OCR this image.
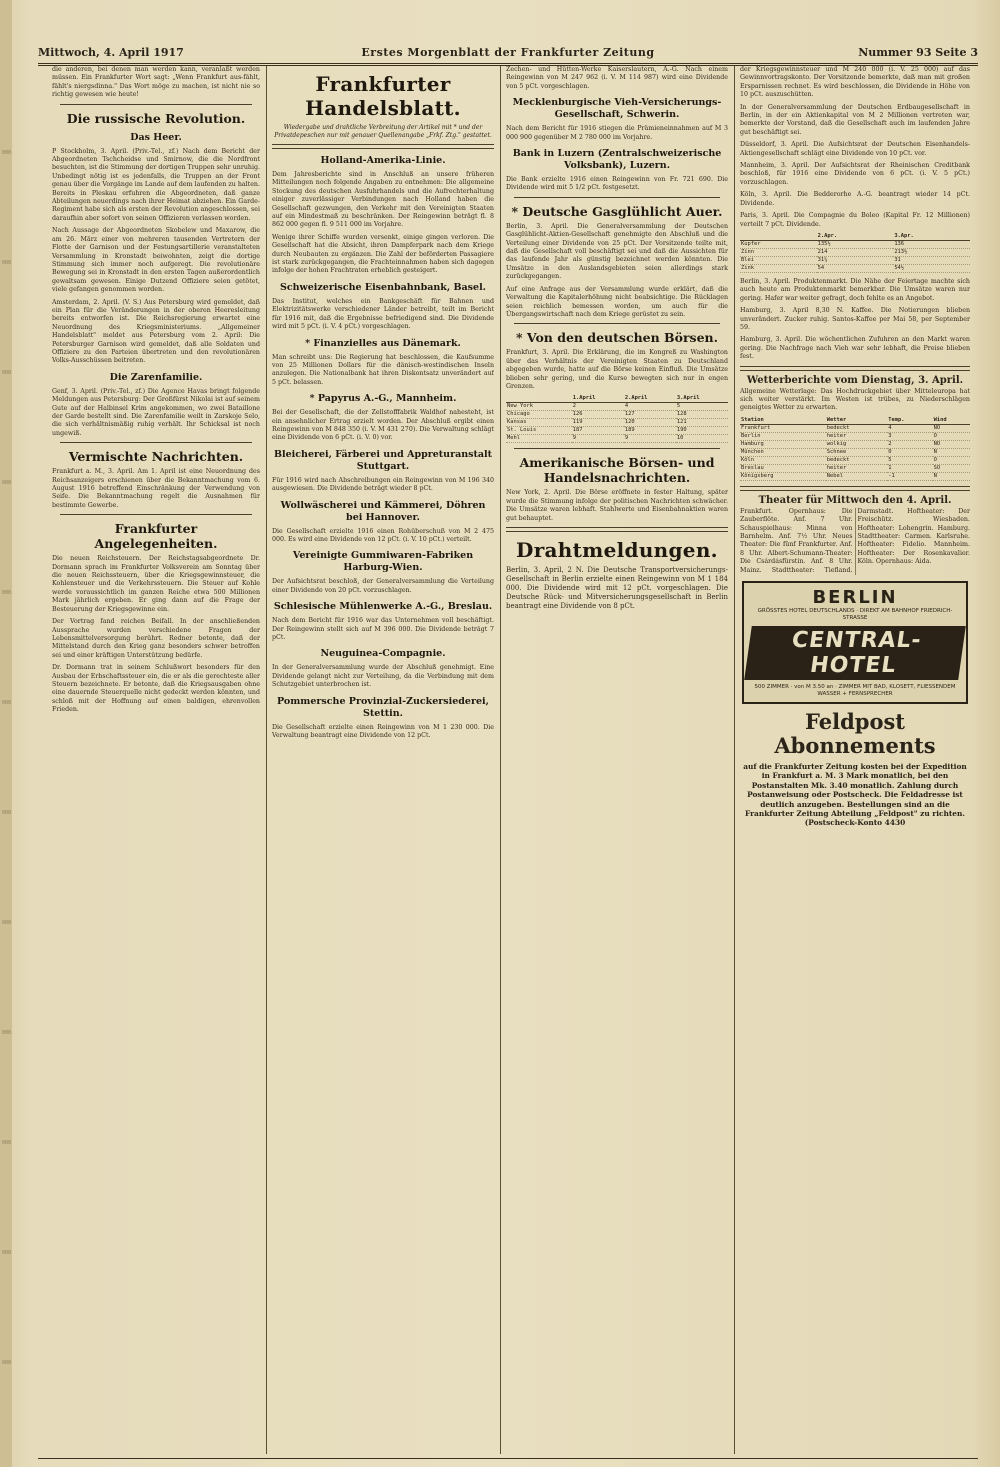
000
000
000
000
000
000
000
000
000
000
000
000
Mittwoch, 4. April 1917	Erstes Morgenblatt der Frankfurter Zeitung	Nummer 93 Seite 3

die anderen, bei denen man werden kann, veranlaßt werden müssen. Ein Frankfurter Wort sagt: „Wenn Frankfurt aus-fählt, fählt's niergsdinna." Das Wort möge zu machen, ist nicht nie so richtig gewesen wie heute!

Die russische Revolution.
Das Heer.

P Stockholm, 3. April. (Priv.-Tel., zf.) Nach dem Bericht der Abgeordneten Tschcheidse und Smirnow, die die Nordfront besuchten, ist die Stimmung der dortigen Truppen sehr unruhig. Unbedingt nötig ist es jedenfalls, die Truppen an der Front genau über die Vorgänge im Lande auf dem laufenden zu halten. Bereits in Pleskau erfuhren die Abgeordneten, daß ganze Abteilungen neuerdings nach ihrer Heimat abziehen. Ein Garde-Regiment habe sich als ersten der Revolution angeschlossen, sei daraufhin aber sofort von seinen Offizieren verlassen worden.

Nach Aussage der Abgeordneten Skobelew und Maxarow, die am 26. März einer von mehreren tausenden Vertretern der Flotte der Garnison und der Festungsartillerie veranstalteten Versammlung in Kronstadt beiwohnten, zeigt die dortige Stimmung sich immer noch aufgeregt. Die revolutionäre Bewegung sei in Kronstadt in den ersten Tagen außerordentlich gewaltsam gewesen. Einige Dutzend Offiziere seien getötet, viele gefangen genommen worden.

Amsterdam, 2. April. (V. S.) Aus Petersburg wird gemeldet, daß ein Plan für die Veränderungen in der oberen Heeresleitung bereits entworfen ist. Die Reichsregierung erwartet eine Neuordnung des Kriegsministeriums. „Allgemeiner Handelsblatt" meldet aus Petersburg vom 2. April: Die Petersburger Garnison wird gemeldet, daß alle Soldaten und Offiziere zu den Parteien übertreten und den revolutionären Volks-Ausschüssen beitreten.

Die Zarenfamilie.

Genf, 3. April. (Priv.-Tel., zf.) Die Agence Havas bringt folgende Meldungen aus Petersburg: Der Großfürst Nikolai ist auf seinem Gute auf der Halbinsel Krim angekommen, wo zwei Bataillone der Garde bestellt sind. Die Zarenfamilie weilt in Zarskoje Selo, die sich verhältnismäßig ruhig verhält. Ihr Schicksal ist noch ungewiß.

Vermischte Nachrichten.

Frankfurt a. M., 3. April. Am 1. April ist eine Neuordnung des Reichsanzeigers erschienen über die Bekanntmachung vom 6. August 1916 betreffend Einschränkung der Verwendung von Seife. Die Bekanntmachung regelt die Ausnahmen für bestimmte Gewerbe.

Frankfurter Angelegenheiten.

Die neuen Reichsteuern. Der Reichstagsabgeordnete Dr. Dormann sprach im Frankfurter Volksverein am Sonntag über die neuen Reichssteuern, über die Kriegsgewinnsteuer, die Kohlensteuer und die Verkehrssteuern. Die Steuer auf Kohle werde voraussichtlich im ganzen Reiche etwa 500 Millionen Mark jährlich ergeben. Er ging dann auf die Frage der Besteuerung der Kriegsgewinne ein.

Der Vortrag fand reichen Beifall. In der anschließenden Aussprache wurden verschiedene Fragen der Lebensmittelversorgung berührt. Redner betonte, daß der Mittelstand durch den Krieg ganz besonders schwer betroffen sei und einer kräftigen Unterstützung bedürfe.

Dr. Dormann trat in seinem Schlußwort besonders für den Ausbau der Erbschaftssteuer ein, die er als die gerechteste aller Steuern bezeichnete. Er betonte, daß die Kriegsausgaben ohne eine dauernde Steuerquelle nicht gedeckt werden könnten, und schloß mit der Hoffnung auf einen baldigen, ehrenvollen Frieden.

Frankfurter Handelsblatt.
Wiedergabe und drahtliche Verbreitung der Artikel mit * und der Privatdepeschen nur mit genauer Quellenangabe „Frkf. Ztg." gestattet.
Holland-Amerika-Linie.

Dem Jahresberichte sind in Anschluß an unsere früheren Mitteilungen noch folgende Angaben zu entnehmen: Die allgemeine Stockung des deutschen Ausfuhrhandels und die Aufrechterhaltung einiger zuverlässiger Verbindungen nach Holland haben die Gesellschaft gezwungen, den Verkehr mit den Vereinigten Staaten auf ein Mindestmaß zu beschränken. Der Reingewinn beträgt fl. 8 862 000 gegen fl. 9 511 000 im Vorjahre.

Wenige ihrer Schiffe wurden versenkt, einige gingen verloren. Die Gesellschaft hat die Absicht, ihren Dampferpark nach dem Kriege durch Neubauten zu ergänzen. Die Zahl der beförderten Passagiere ist stark zurückgegangen, die Frachteinnahmen haben sich dagegen infolge der hohen Frachtraten erheblich gesteigert.

Schweizerische Eisenbahnbank, Basel.

Das Institut, welches ein Bankgeschäft für Bahnen und Elektrizitätswerke verschiedener Länder betreibt, teilt im Bericht für 1916 mit, daß die Ergebnisse befriedigend sind. Die Dividende wird mit 5 pCt. (i. V. 4 pCt.) vorgeschlagen.

* Finanzielles aus Dänemark.

Man schreibt uns: Die Regierung hat beschlossen, die Kaufsumme von 25 Millionen Dollars für die dänisch-westindischen Inseln anzulegen. Die Nationalbank hat ihren Diskontsatz unverändert auf 5 pCt. belassen.

* Papyrus A.-G., Mannheim.

Bei der Gesellschaft, die der Zellstofffabrik Waldhof nahesteht, ist ein ansehnlicher Ertrag erzielt worden. Der Abschluß ergibt einen Reingewinn von M 848 350 (i. V. M 431 270). Die Verwaltung schlägt eine Dividende von 6 pCt. (i. V. 0) vor.

Bleicherei, Färberei und Appreturanstalt Stuttgart.

Für 1916 wird nach Abschreibungen ein Reingewinn von M 196 340 ausgewiesen. Die Dividende beträgt wieder 8 pCt.

Wollwäscherei und Kämmerei, Döhren bei Hannover.

Die Gesellschaft erzielte 1916 einen Rohüberschuß von M 2 475 000. Es wird eine Dividende von 12 pCt. (i. V. 10 pCt.) verteilt.

Vereinigte Gummiwaren-Fabriken Harburg-Wien.

Der Aufsichtsrat beschloß, der Generalversammlung die Verteilung einer Dividende von 20 pCt. vorzuschlagen.

Schlesische Mühlenwerke A.-G., Breslau.

Nach dem Bericht für 1916 war das Unternehmen voll beschäftigt. Der Reingewinn stellt sich auf M 396 000. Die Dividende beträgt 7 pCt.

Neuguinea-Compagnie.

In der Generalversammlung wurde der Abschluß genehmigt. Eine Dividende gelangt nicht zur Verteilung, da die Verbindung mit dem Schutzgebiet unterbrochen ist.

Pommersche Provinzial-Zuckersiederei, Stettin.

Die Gesellschaft erzielte einen Reingewinn von M 1 230 000. Die Verwaltung beantragt eine Dividende von 12 pCt.

Zechen- und Hütten-Werke Kaiserslautern, A.-G. Nach einem Reingewinn von M 247 962 (i. V. M 114 987) wird eine Dividende von 5 pCt. vorgeschlagen.

Mecklenburgische Vieh-Versicherungs-Gesellschaft, Schwerin.

Nach dem Bericht für 1916 stiegen die Prämieneinnahmen auf M 3 000 900 gegenüber M 2 780 000 im Vorjahre.

Bank in Luzern (Zentralschweizerische Volksbank), Luzern.

Die Bank erzielte 1916 einen Reingewinn von Fr. 721 690. Die Dividende wird mit 5 1/2 pCt. festgesetzt.

* Deutsche Gasglühlicht Auer.

Berlin, 3. April. Die Generalversammlung der Deutschen Gasglühlicht-Aktien-Gesellschaft genehmigte den Abschluß und die Verteilung einer Dividende von 25 pCt. Der Vorsitzende teilte mit, daß die Gesellschaft voll beschäftigt sei und daß die Aussichten für das laufende Jahr als günstig bezeichnet werden könnten. Die Umsätze in den Auslandsgebieten seien allerdings stark zurückgegangen.

Auf eine Anfrage aus der Versammlung wurde erklärt, daß die Verwaltung die Kapitalerhöhung nicht beabsichtige. Die Rücklagen seien reichlich bemessen worden, um auch für die Übergangswirtschaft nach dem Kriege gerüstet zu sein.

* Von den deutschen Börsen.

Frankfurt, 3. April. Die Erklärung, die im Kongreß zu Washington über das Verhältnis der Vereinigten Staaten zu Deutschland abgegeben wurde, hatte auf die Börse keinen Einfluß. Die Umsätze blieben sehr gering, und die Kurse bewegten sich nur in engen Grenzen.

	1.April	2.April	3.April
New York	2	4	5
Chicago	126	127	128
Kansas	119	120	121
St. Louis	187	189	190
Mehl	9	9	10
Amerikanische Börsen- und Handelsnachrichten.

New York, 2. April. Die Börse eröffnete in fester Haltung, später wurde die Stimmung infolge der politischen Nachrichten schwächer. Die Umsätze waren lebhaft. Stahlwerte und Eisenbahnaktien waren gut behauptet.

Drahtmeldungen.

Berlin, 3. April, 2 N. Die Deutsche Transportversicherungs-Gesellschaft in Berlin erzielte einen Reingewinn von M 1 184 000. Die Dividende wird mit 12 pCt. vorgeschlagen. Die Deutsche Rück- und Mitversicherungsgesellschaft in Berlin beantragt eine Dividende von 8 pCt.

der Kriegsgewinnsteuer und M 240 000 (i. V. 25 000) auf das Gewinnvortragskonto. Der Vorsitzende bemerkte, daß man mit großen Ersparnissen rechnet. Es wird beschlossen, die Dividende in Höhe von 10 pCt. auszuschütten.

In der Generalversammlung der Deutschen Erdbaugesellschaft in Berlin, in der ein Aktienkapital von M 2 Millionen vertreten war, bemerkte der Vorstand, daß die Gesellschaft auch im laufenden Jahre gut beschäftigt sei.

Düsseldorf, 3. April. Die Aufsichtsrat der Deutschen Eisenhandels-Aktiengesellschaft schlägt eine Dividende von 10 pCt. vor.

Mannheim, 3. April. Der Aufsichtsrat der Rheinischen Creditbank beschloß, für 1916 eine Dividende von 6 pCt. (i. V. 5 pCt.) vorzuschlagen.

Köln, 3. April. Die Bedderorhe A.-G. beantragt wieder 14 pCt. Dividende.

Paris, 3. April. Die Compagnie du Boleo (Kapital Fr. 12 Millionen) verteilt 7 pCt. Dividende.

	2.Apr.	3.Apr.
Kupfer	135½	136
Zinn	214	213½
Blei	31¼	31
Zink	54	54½

Berlin, 3. April. Produktenmarkt. Die Nähe der Feiertage machte sich auch heute am Produktenmarkt bemerkbar. Die Umsätze waren nur gering. Hafer war weiter gefragt, doch fehlte es an Angebot.

Hamburg, 3. April 8,30 N. Kaffee. Die Notierungen blieben unverändert. Zucker ruhig. Santos-Kaffee per Mai 58, per September 59.

Hamburg, 3. April. Die wöchentlichen Zufuhren an den Markt waren gering. Die Nachfrage nach Vieh war sehr lebhaft, die Preise blieben fest.

Wetterberichte vom Dienstag, 3. April.

Allgemeine Wetterlage: Das Hochdruckgebiet über Mitteleuropa hat sich weiter verstärkt. Im Westen ist trübes, zu Niederschlägen geneigtes Wetter zu erwarten.

Station	Wetter	Temp.	Wind
Frankfurt	bedeckt	4	NO
Berlin	heiter	3	O
Hamburg	wolkig	2	NO
München	Schnee	0	N
Köln	bedeckt	5	O
Breslau	heiter	1	SO
Königsberg	Nebel	-1	N
Theater für Mittwoch den 4. April.

Frankfurt. Opernhaus: Die Zauberflöte. Anf. 7 Uhr. Schauspielhaus: Minna von Barnhelm. Anf. 7½ Uhr. Neues Theater: Die fünf Frankfurter. Anf. 8 Uhr. Albert-Schumann-Theater: Die Csárdásfürstin. Anf. 8 Uhr. Mainz. Stadttheater: Tiefland. Darmstadt. Hoftheater: Der Freischütz. Wiesbaden. Hoftheater: Lohengrin. Hamburg. Stadttheater: Carmen. Karlsruhe. Hoftheater: Fidelio. Mannheim. Hoftheater: Der Rosenkavalier. Köln. Opernhaus: Aida.

BERLIN
GRÖSSTES HOTEL DEUTSCHLANDS · DIREKT AM BAHNHOF FRIEDRICH-STRASSE
CENTRAL-HOTEL
500 ZIMMER · von M 3.50 an · ZIMMER MIT BAD, KLOSETT, FLIESSENDEM WASSER + FERNSPRECHER
Feldpost Abonnements
auf die Frankfurter Zeitung kosten bei der Expedition in Frankfurt a. M. 3 Mark monatlich, bei den Postanstalten Mk. 3.40 monatlich. Zahlung durch Postanweisung oder Postscheck. Die Feldadresse ist deutlich anzugeben. Bestellungen sind an die Frankfurter Zeitung Abteilung „Feldpost" zu richten. (Postscheck-Konto 4430
